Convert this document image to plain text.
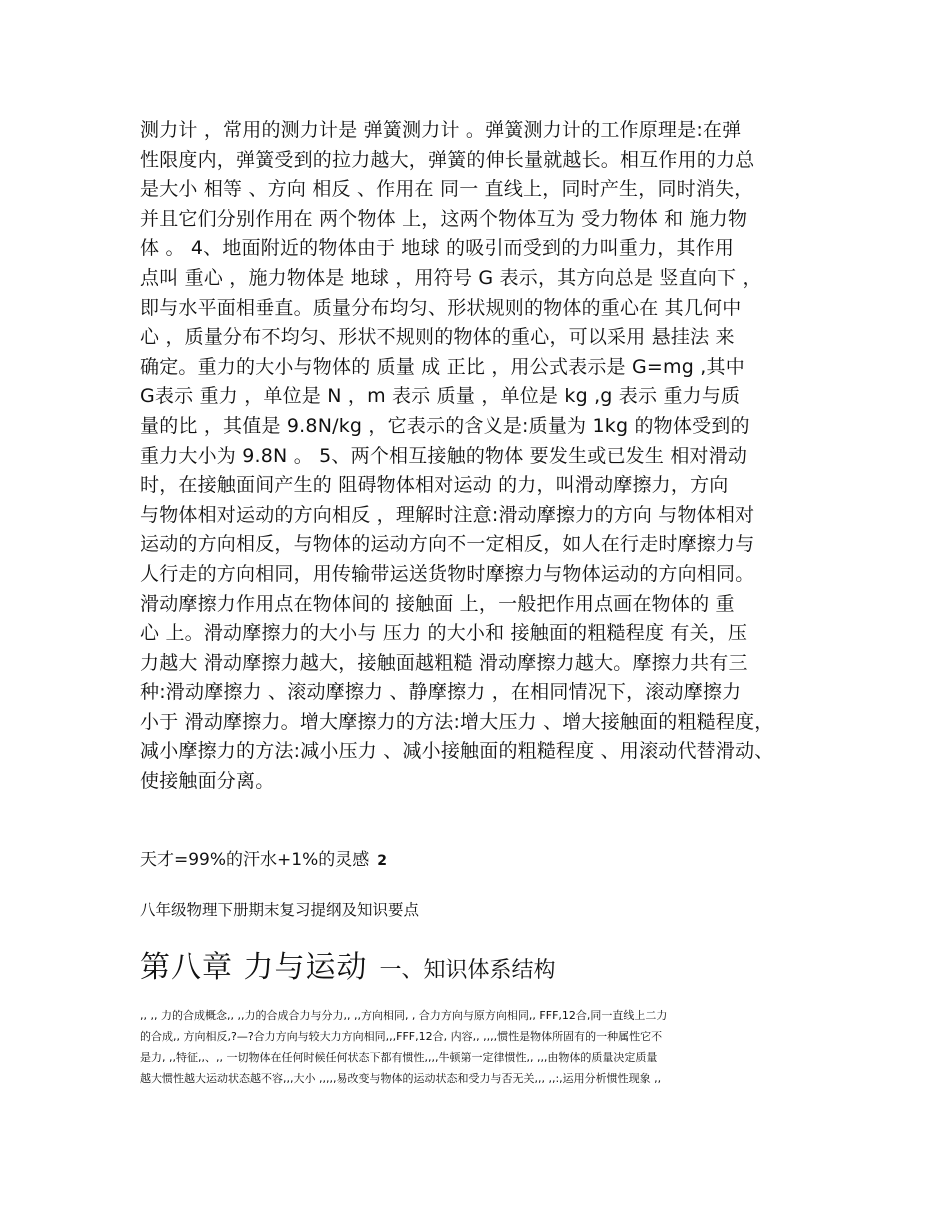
测力计 ，常用的测力计是 弹簧测力计 。弹簧测力计的工作原理是:在弹
性限度内，弹簧受到的拉力越大，弹簧的伸长量就越长。相互作用的力总
是大小 相等 、方向 相反 、作用在 同一 直线上，同时产生，同时消失，
并且它们分别作用在 两个物体 上，这两个物体互为 受力物体 和 施力物
体 。 4、地面附近的物体由于 地球 的吸引而受到的力叫重力，其作用
点叫 重心 ，施力物体是 地球 ，用符号 G 表示，其方向总是 竖直向下 ，
即与水平面相垂直。质量分布均匀、形状规则的物体的重心在 其几何中
心 ，质量分布不均匀、形状不规则的物体的重心，可以采用 悬挂法 来
确定。重力的大小与物体的 质量 成 正比 ，用公式表示是 G=mg ,其中
G表示 重力 ，单位是 N ，m 表示 质量 ，单位是 kg ,g 表示 重力与质
量的比 ，其值是 9.8N/kg ，它表示的含义是:质量为 1kg 的物体受到的
重力大小为 9.8N 。 5、两个相互接触的物体 要发生或已发生 相对滑动
时，在接触面间产生的 阻碍物体相对运动 的力，叫滑动摩擦力，方向
与物体相对运动的方向相反 ，理解时注意:滑动摩擦力的方向 与物体相对
运动的方向相反，与物体的运动方向不一定相反，如人在行走时摩擦力与
人行走的方向相同，用传输带运送货物时摩擦力与物体运动的方向相同。
滑动摩擦力作用点在物体间的 接触面 上，一般把作用点画在物体的 重
心 上。滑动摩擦力的大小与 压力 的大小和 接触面的粗糙程度 有关，压
力越大 滑动摩擦力越大，接触面越粗糙 滑动摩擦力越大。摩擦力共有三
种:滑动摩擦力 、滚动摩擦力 、静摩擦力 ，在相同情况下，滚动摩擦力
小于 滑动摩擦力。增大摩擦力的方法:增大压力 、增大接触面的粗糙程度，
减小摩擦力的方法:减小压力 、减小接触面的粗糙程度 、用滚动代替滑动、
使接触面分离。
天才=99%的汗水+1%的灵感 2
八年级物理下册期末复习提纲及知识要点
第八章 力与运动 一、知识体系结构
,, ,, 力的合成概念,, ,,力的合成合力与分力,, ,,方向相同, , 合力方向与原方向相同,, FFF,12合,同一直线上二力
的合成,, 方向相反,?—?合力方向与较大力方向相同,,,FFF,12合, 内容,, ,,,,惯性是物体所固有的一种属性它不
是力, ,,特征,,、,, 一切物体在任何时候任何状态下都有惯性,,,,牛顿第一定律惯性,, ,,,由物体的质量决定质量
越大惯性越大运动状态越不容,,,大小 ,,,,,易改变与物体的运动状态和受力与否无关,,, ,,:,运用分析惯性现象 ,,
